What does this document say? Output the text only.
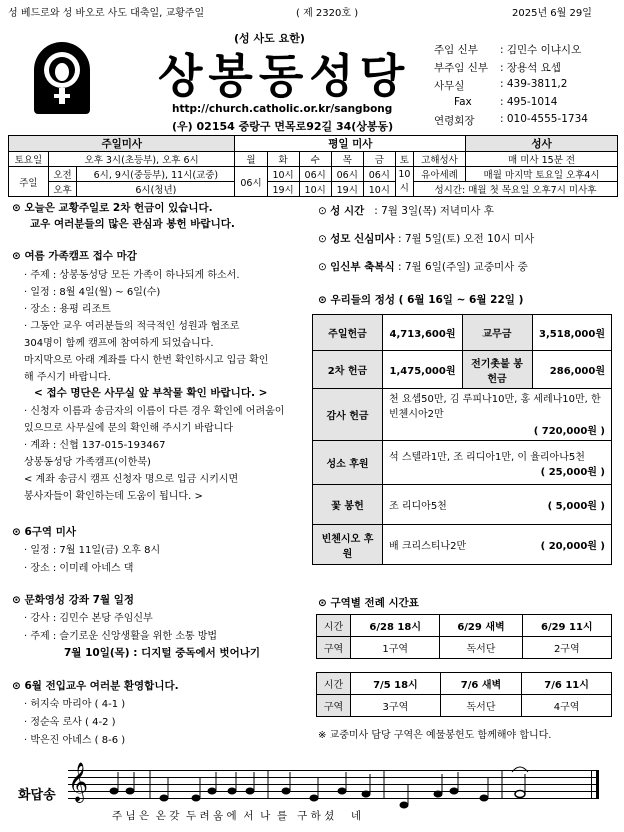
성 베드로와 성 바오로 사도 대축일, 교황주일	( 제 2320호 )	2025년 6월 29일
(성 사도 요한)
상봉동성당
http://church.catholic.or.kr/sangbong
(우) 02154 중랑구 면목로92길 34(상봉동)
주임 신부 : 김민수 이냐시오
부주임 신부 : 장용석 요셉
사무실	: 439-3811,2
Fax	: 495-1014
연령회장 : 010-4555-1734
주일미사			평일 미사							성사
토요일	오후 3시(초등부), 오후 6시		월	화	수	목	금	토	고해성사	매 미사 15분 전
주일	오전	6시, 9시(중등부), 11시(교중)	06시	10시	06시	06시	06시	10 시	유아세례	매월 마지막 토요일 오후4시
	오후	6시(청년)		19시	10시	19시	10시		성시간: 매월 첫 목요일 오후7시 미사후	
⊙ 오늘은 교황주일로 2차 헌금이 있습니다.
교우 여러분들의 많은 관심과 봉헌 바랍니다.
⊙ 여름 가족캠프 접수 마감
· 주제 : 상봉동성당 모든 가족이 하나되게 하소서.
· 일정 : 8월 4일(월) ~ 6일(수)
· 장소 : 용평 리조트
· 그동안 교우 여러분들의 적극적인 성원과 협조로
304명이 함께 캠프에 참여하게 되었습니다.
마지막으로 아래 계좌를 다시 한번 확인하시고 입금 확인
해 주시기 바랍니다.
< 접수 명단은 사무실 앞 부착물 확인 바랍니다. >
· 신청자 이름과 송금자의 이름이 다른 경우 확인에 어려움이
있으므로 사무실에 문의 확인해 주시기 바랍니다
· 계좌 : 신협 137-015-193467
상봉동성당 가족캠프(이한북)
< 계좌 송금시 캠프 신청자 명으로 입금 시키시면
봉사자들이 확인하는데 도움이 됩니다. >
⊙ 6구역 미사
· 일정 : 7월 11일(금) 오후 8시
· 장소 : 이미레 아네스 댁
⊙ 문화영성 강좌 7월 일정
· 강사 : 김민수 본당 주임신부
· 주제 : 슬기로운 신앙생활을 위한 소통 방법
7월 10일(목) : 디지털 중독에서 벗어나기
⊙ 6월 전입교우 여러분 환영합니다.
· 허지숙 마리아 ( 4-1 )
· 정순옥 로사 ( 4-2 )
· 박은진 아녜스 ( 8-6 )
⊙ 성 시간 : 7월 3일(목) 저녁미사 후
⊙ 성모 신심미사 : 7월 5일(토) 오전 10시 미사
⊙ 임신부 축복식 : 7월 6일(주일) 교중미사 중
⊙ 우리들의 정성 ( 6월 16일 ~ 6월 22일 )
주일헌금	4,713,600원	교무금	3,518,000원
2차 헌금	1,475,000원	전기촛불 봉헌금	286,000원
감사 헌금	천 요셉50만, 김 루피나10만, 홍 세레나10만, 한 빈첸시아2만
( 720,000원 )		

성소 후원	석 스텔라1만, 조 리디아1만, 이 율리아나5천
( 25,000원 )		

꽃 봉헌	조 리디아5천 ( 5,000원 )		

빈첸시오 후원	배 크리스티나2만 ( 20,000원 )		
⊙ 구역별 전례 시간표
시간	6/28 18시	6/29 새벽	6/29 11시
구역	1구역	독서단	2구역
시간	7/5 18시	7/6 새벽	7/6 11시
구역	3구역	독서단	4구역
※ 교중미사 담당 구역은 예물봉헌도 함께해야 합니다.
화답송 𝄞
주 님 은  온 갖  두 려 움 에  서  나  를   구 하 셨     네
